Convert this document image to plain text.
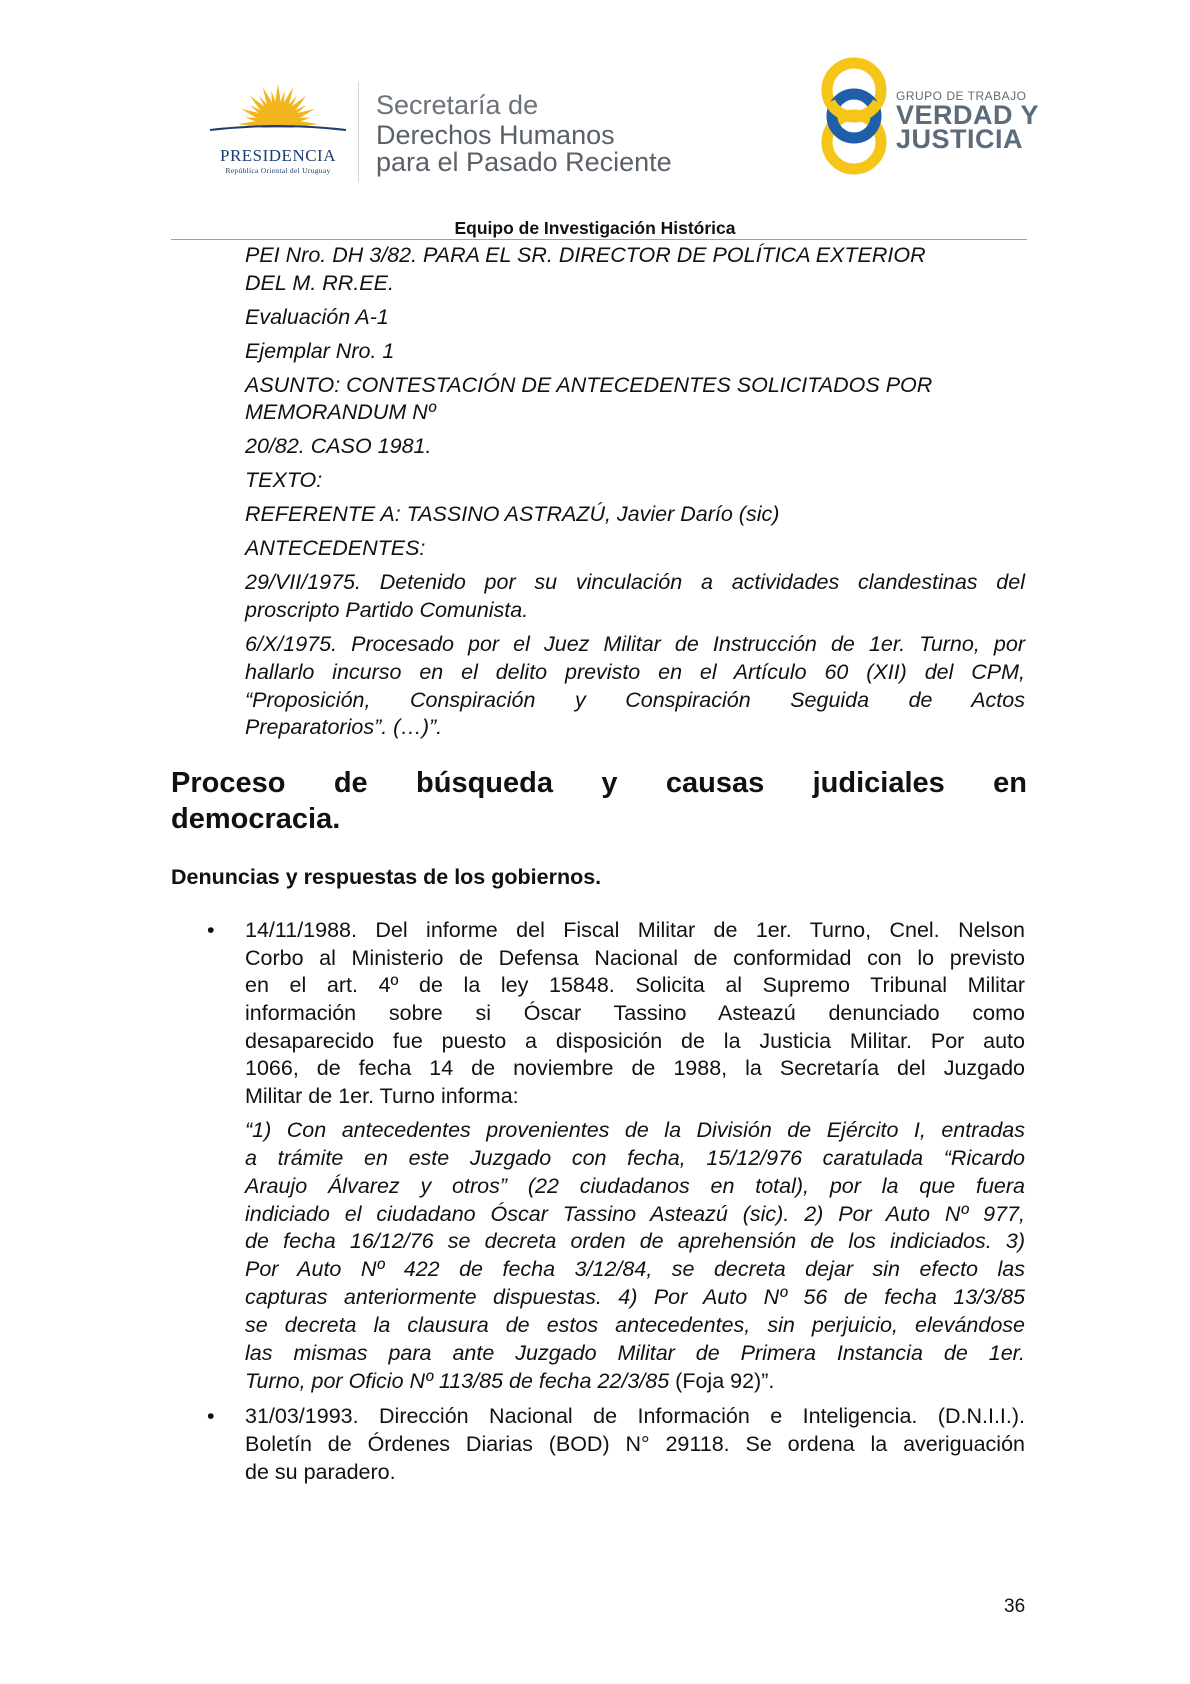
PRESIDENCIA
República Oriental del Uruguay
Secretaría de
Derechos Humanos
para el Pasado Reciente
GRUPO DE TRABAJO
VERDAD Y
JUSTICIA
Equipo de Investigación Histórica
PEI Nro. DH 3/82. PARA EL SR. DIRECTOR DE POLÍTICA EXTERIOR
DEL M. RR.EE.
Evaluación A-1
Ejemplar Nro. 1
ASUNTO: CONTESTACIÓN DE ANTECEDENTES SOLICITADOS POR
MEMORANDUM Nº
20/82. CASO 1981.
TEXTO:
REFERENTE A: TASSINO ASTRAZÚ, Javier Darío (sic)
ANTECEDENTES:
29/VII/1975. Detenido por su vinculación a actividades clandestinas del
proscripto Partido Comunista.
6/X/1975. Procesado por el Juez Militar de Instrucción de 1er. Turno, por
hallarlo incurso en el delito previsto en el Artículo 60 (XII) del CPM,
“Proposición, Conspiración y Conspiración Seguida de Actos
Preparatorios”. (…)”.
Proceso de búsqueda y causas judiciales en
democracia.
Denuncias y respuestas de los gobiernos.
• 14/11/1988. Del informe del Fiscal Militar de 1er. Turno, Cnel. Nelson
Corbo al Ministerio de Defensa Nacional de conformidad con lo previsto
en el art. 4º de la ley 15848. Solicita al Supremo Tribunal Militar
información sobre si Óscar Tassino Asteazú denunciado como
desaparecido fue puesto a disposición de la Justicia Militar. Por auto
1066, de fecha 14 de noviembre de 1988, la Secretaría del Juzgado
Militar de 1er. Turno informa:
“1) Con antecedentes provenientes de la División de Ejército I, entradas
a trámite en este Juzgado con fecha, 15/12/976 caratulada “Ricardo
Araujo Álvarez y otros” (22 ciudadanos en total), por la que fuera
indiciado el ciudadano Óscar Tassino Asteazú (sic). 2) Por Auto Nº 977,
de fecha 16/12/76 se decreta orden de aprehensión de los indiciados. 3)
Por Auto Nº 422 de fecha 3/12/84, se decreta dejar sin efecto las
capturas anteriormente dispuestas. 4) Por Auto Nº 56 de fecha 13/3/85
se decreta la clausura de estos antecedentes, sin perjuicio, elevándose
las mismas para ante Juzgado Militar de Primera Instancia de 1er.
Turno, por Oficio Nº 113/85 de fecha 22/3/85 (Foja 92)”.
• 31/03/1993. Dirección Nacional de Información e Inteligencia. (D.N.I.I.).
Boletín de Órdenes Diarias (BOD) N° 29118. Se ordena la averiguación
de su paradero.
36
